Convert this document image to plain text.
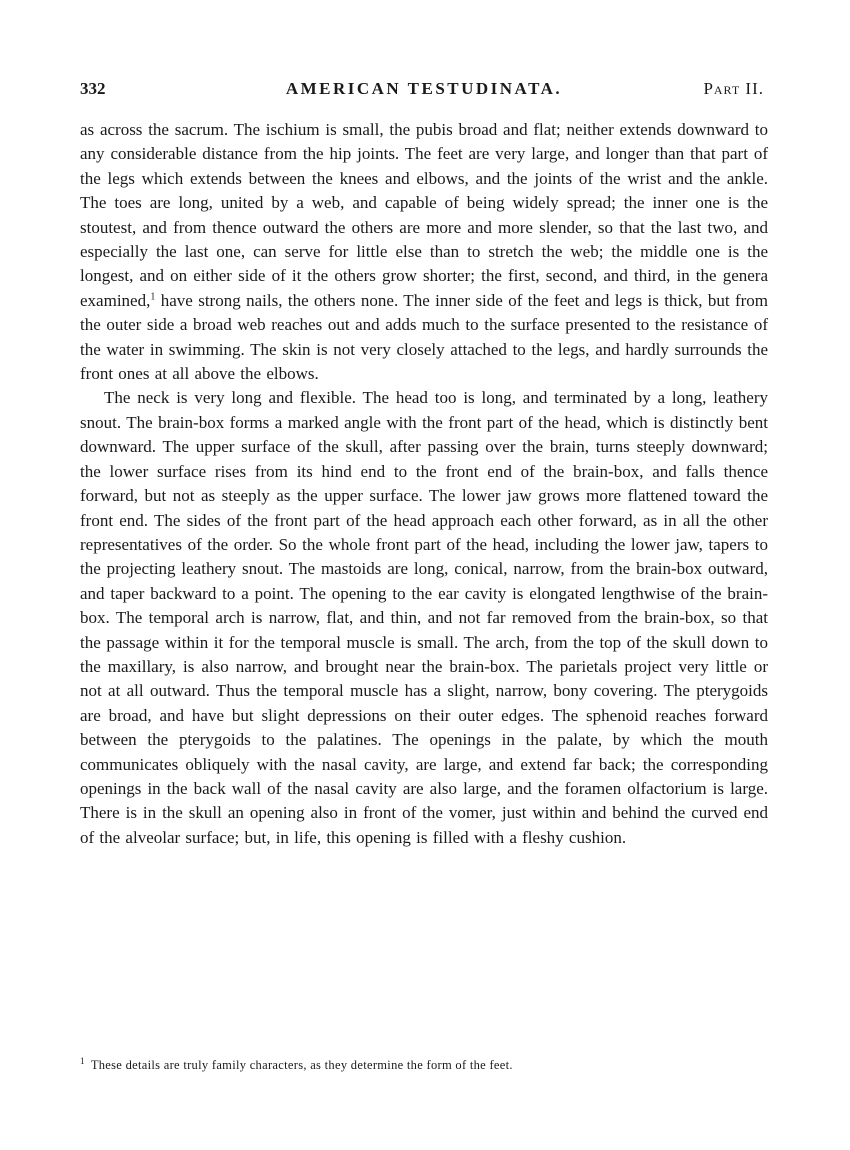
332	AMERICAN TESTUDINATA.	Part II.

as across the sacrum. The ischium is small, the pubis broad and flat; neither extends downward to any considerable distance from the hip joints. The feet are very large, and longer than that part of the legs which extends between the knees and elbows, and the joints of the wrist and the ankle. The toes are long, united by a web, and capable of being widely spread; the inner one is the stoutest, and from thence outward the others are more and more slender, so that the last two, and especially the last one, can serve for little else than to stretch the web; the middle one is the longest, and on either side of it the others grow shorter; the first, second, and third, in the genera examined,$^1$ have strong nails, the others none. The inner side of the feet and legs is thick, but from the outer side a broad web reaches out and adds much to the surface presented to the resistance of the water in swimming. The skin is not very closely attached to the legs, and hardly surrounds the front ones at all above the elbows.

The neck is very long and flexible. The head too is long, and terminated by a long, leathery snout. The brain-box forms a marked angle with the front part of the head, which is distinctly bent downward. The upper surface of the skull, after passing over the brain, turns steeply downward; the lower surface rises from its hind end to the front end of the brain-box, and falls thence forward, but not as steeply as the upper surface. The lower jaw grows more flattened toward the front end. The sides of the front part of the head approach each other forward, as in all the other representatives of the order. So the whole front part of the head, including the lower jaw, tapers to the projecting leathery snout. The mastoids are long, conical, narrow, from the brain-box outward, and taper backward to a point. The opening to the ear cavity is elongated lengthwise of the brain-box. The temporal arch is narrow, flat, and thin, and not far removed from the brain-box, so that the passage within it for the temporal muscle is small. The arch, from the top of the skull down to the maxillary, is also narrow, and brought near the brain-box. The parietals project very little or not at all outward. Thus the temporal muscle has a slight, narrow, bony covering. The pterygoids are broad, and have but slight depressions on their outer edges. The sphenoid reaches forward between the pterygoids to the palatines. The openings in the palate, by which the mouth communicates obliquely with the nasal cavity, are large, and extend far back; the corresponding openings in the back wall of the nasal cavity are also large, and the foramen olfactorium is large. There is in the skull an opening also in front of the vomer, just within and behind the curved end of the alveolar surface; but, in life, this opening is filled with a fleshy cushion.

$^1$ These details are truly family characters, as they determine the form of the feet.
